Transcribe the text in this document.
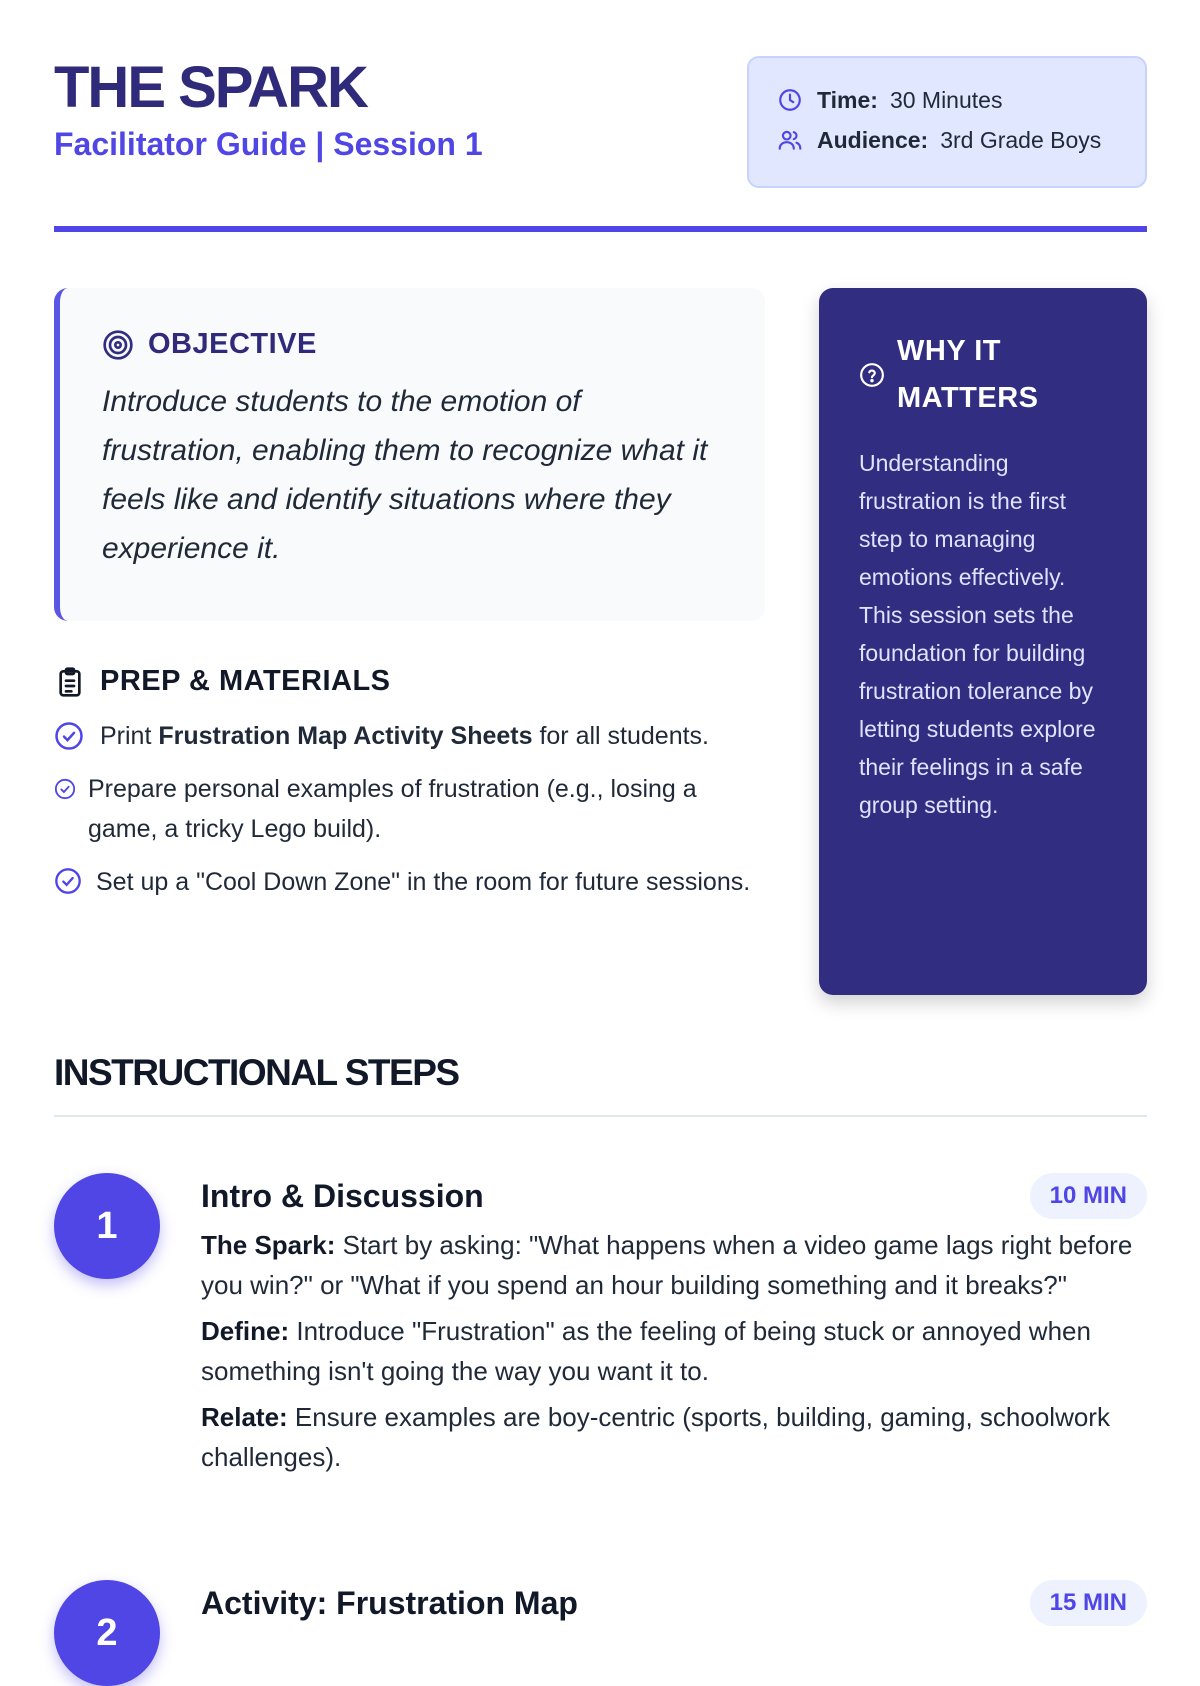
THE SPARK
Facilitator Guide | Session 1
Time: 30 Minutes
Audience: 3rd Grade Boys
OBJECTIVE
Introduce students to the emotion of frustration, enabling them to recognize what it feels like and identify situations where they experience it.
WHY IT
MATTERS
Understanding frustration is the first step to managing emotions effectively. This session sets the foundation for building frustration tolerance by letting students explore their feelings in a safe group setting.
PREP & MATERIALS
Print Frustration Map Activity Sheets for all students.
Prepare personal examples of frustration (e.g., losing a game, a tricky Lego build).
Set up a "Cool Down Zone" in the room for future sessions.
INSTRUCTIONAL STEPS
1
Intro & Discussion	10 MIN
The Spark: Start by asking: "What happens when a video game lags right before you win?" or "What if you spend an hour building something and it breaks?"
Define: Introduce "Frustration" as the feeling of being stuck or annoyed when something isn't going the way you want it to.
Relate: Ensure examples are boy-centric (sports, building, gaming, schoolwork challenges).
2
Activity: Frustration Map	15 MIN
